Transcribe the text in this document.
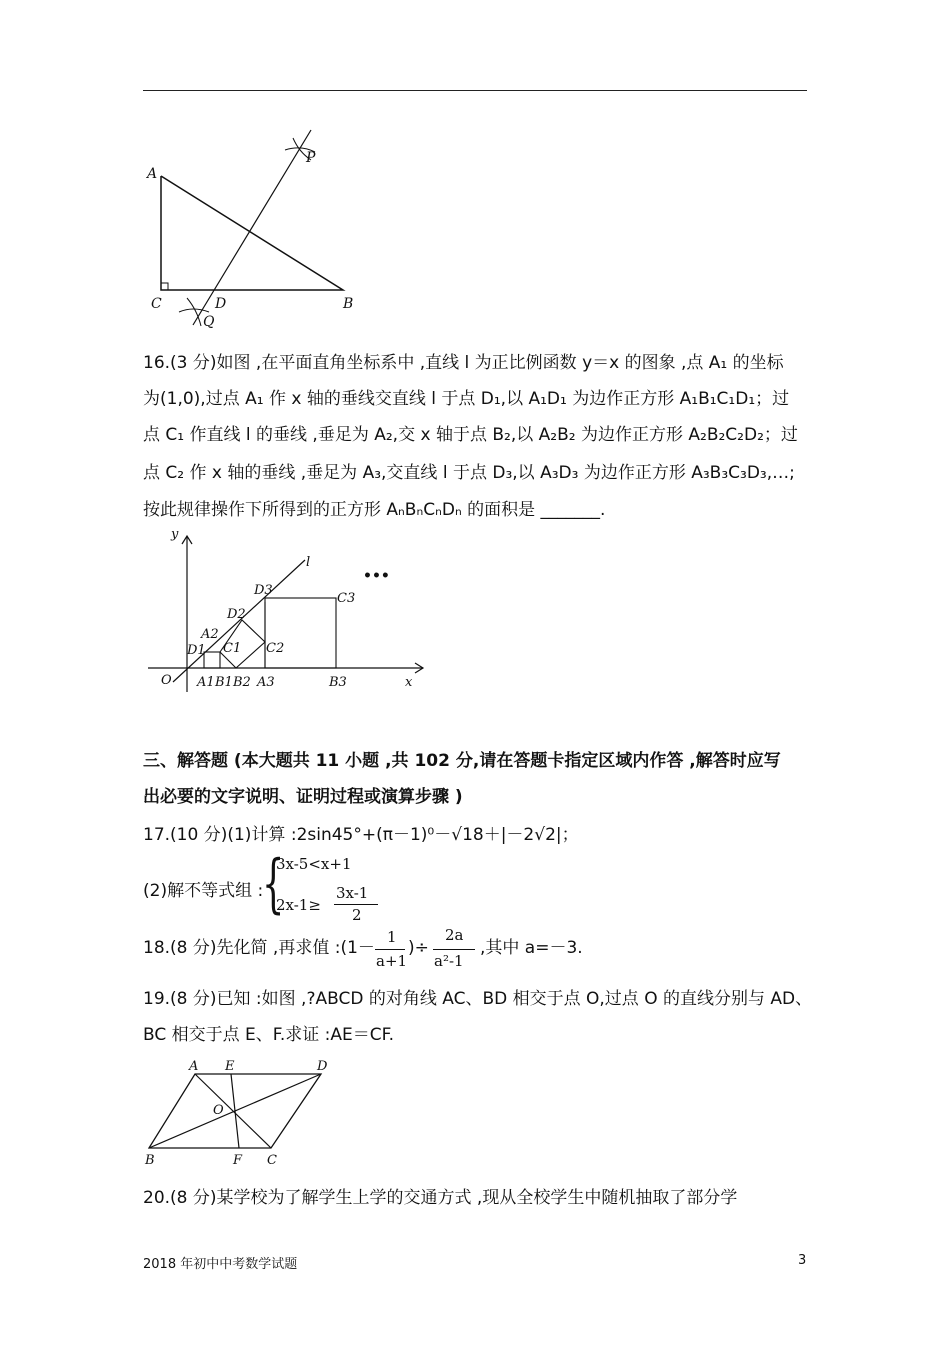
A
C	D	B
P
Q
16.(3 分)如图 ,在平面直角坐标系中 ,直线 l 为正比例函数 y＝x 的图象 ,点 A₁ 的坐标
为(1,0),过点 A₁ 作 x 轴的垂线交直线 l 于点 D₁,以 A₁D₁ 为边作正方形 A₁B₁C₁D₁；过
点 C₁ 作直线 l 的垂线 ,垂足为 A₂,交 x 轴于点 B₂,以 A₂B₂ 为边作正方形 A₂B₂C₂D₂；过
点 C₂ 作 x 轴的垂线 ,垂足为 A₃,交直线 l 于点 D₃,以 A₃D₃ 为边作正方形 A₃B₃C₃D₃,…;
按此规律操作下所得到的正方形 AₙBₙCₙDₙ 的面积是 _______.
y
l
D3
C3
D2
A2
D1 C1 C2
O A1 B1 B2 A3	B3	x
•••
三、解答题 (本大题共 11 小题 ,共 102 分,请在答题卡指定区域内作答 ,解答时应写
出必要的文字说明、证明过程或演算步骤 )
17.(10 分)(1)计算 :2sin45°+(π－1)⁰－√18＋|－2√2|；
(2)解不等式组 :
{
3x-5<x+1
2x-1≥
3x-1
2
18.(8 分)先化简 ,再求值 :(1－
1
a+1
)÷
2a
a²-1
,其中 a=－3.
19.(8 分)已知 :如图 ,?ABCD 的对角线 AC、BD 相交于点 O,过点 O 的直线分别与 AD、
BC 相交于点 E、F.求证 :AE＝CF.
A E	D
O
B	F C
20.(8 分)某学校为了解学生上学的交通方式 ,现从全校学生中随机抽取了部分学
2018 年初中中考数学试题	3
